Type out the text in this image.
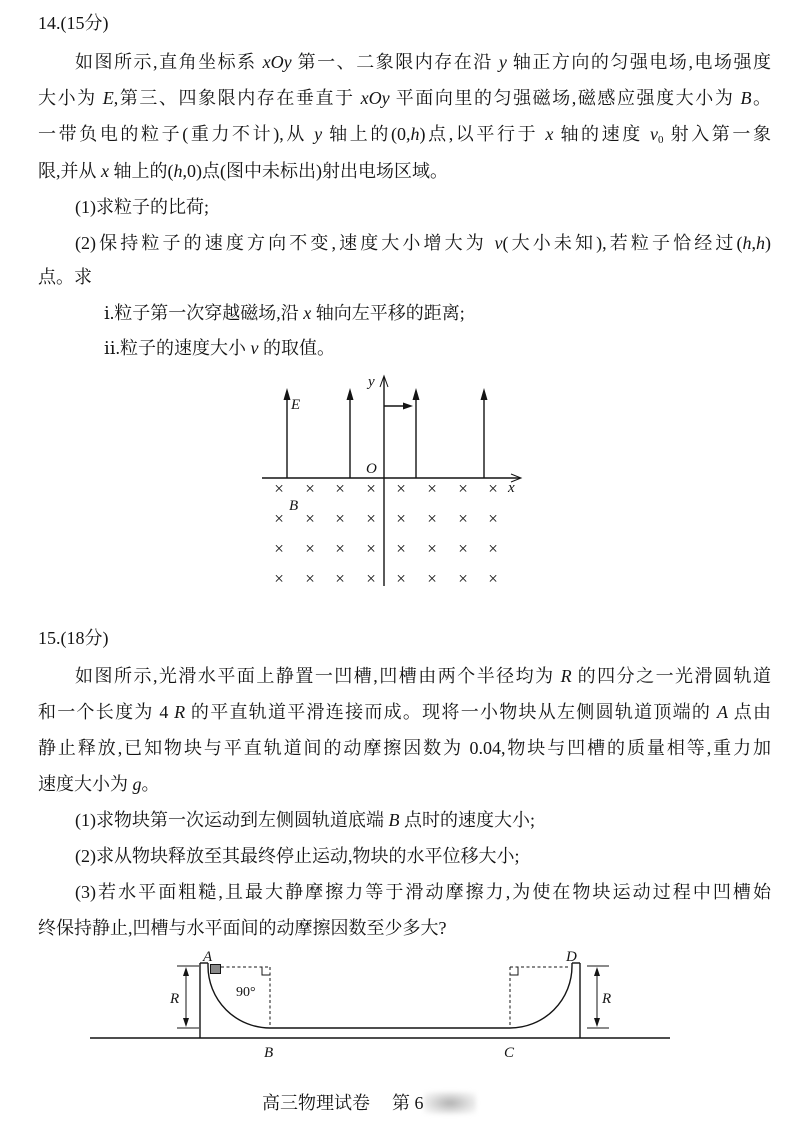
14.(15分)
如图所示,直角坐标系 xOy 第一、二象限内存在沿 y 轴正方向的匀强电场,电场强度
大小为 E,第三、四象限内存在垂直于 xOy 平面向里的匀强磁场,磁感应强度大小为 B。
一带负电的粒子(重力不计),从 y 轴上的(0,h)点,以平行于 x 轴的速度 $v_0$ 射入第一象
限,并从 x 轴上的(h,0)点(图中未标出)射出电场区域。
(1)求粒子的比荷;
(2)保持粒子的速度方向不变,速度大小增大为 v(大小未知),若粒子恰经过(h,h)
点。求
ⅰ.粒子第一次穿越磁场,沿 x 轴向左平移的距离;
ⅱ.粒子的速度大小 v 的取值。
y
x
O
E
× × × × × × × ×
× × × × × × × ×
× × × × × × × ×
× × × × × × × ×
B
15.(18分)
如图所示,光滑水平面上静置一凹槽,凹槽由两个半径均为 R 的四分之一光滑圆轨道
和一个长度为 4 R 的平直轨道平滑连接而成。现将一小物块从左侧圆轨道顶端的 A 点由
静止释放,已知物块与平直轨道间的动摩擦因数为 0.04,物块与凹槽的质量相等,重力加
速度大小为 g。
(1)求物块第一次运动到左侧圆轨道底端 B 点时的速度大小;
(2)求从物块释放至其最终停止运动,物块的水平位移大小;
(3)若水平面粗糙,且最大静摩擦力等于滑动摩擦力,为使在物块运动过程中凹槽始
终保持静止,凹槽与水平面间的动摩擦因数至少多大?
90°
R	R
A	D
B	C
高三物理试卷 第 6
